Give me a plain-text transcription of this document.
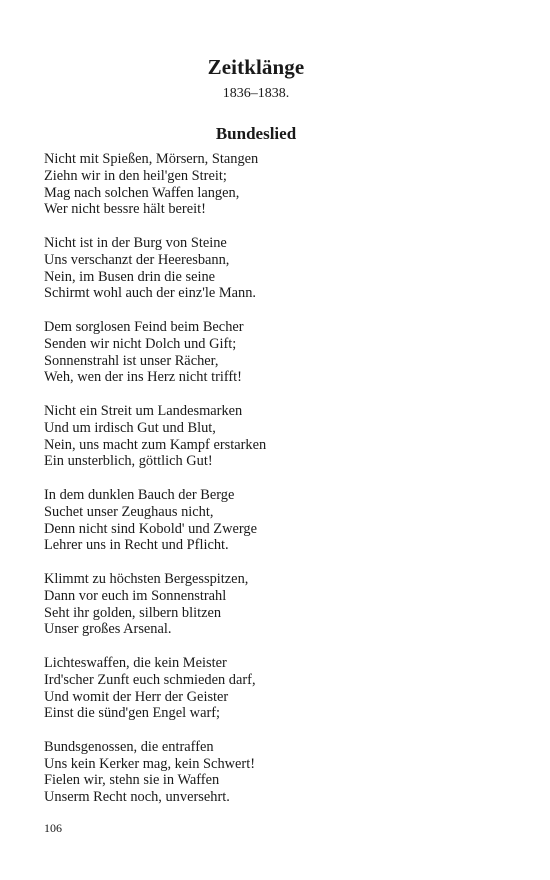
Zeitklänge
1836–1838.
Bundeslied

Nicht mit Spießen, Mörsern, Stangen
Ziehn wir in den heil'gen Streit;
Mag nach solchen Waffen langen,
Wer nicht bessre hält bereit!

Nicht ist in der Burg von Steine
Uns verschanzt der Heeresbann,
Nein, im Busen drin die seine
Schirmt wohl auch der einz'le Mann.

Dem sorglosen Feind beim Becher
Senden wir nicht Dolch und Gift;
Sonnenstrahl ist unser Rächer,
Weh, wen der ins Herz nicht trifft!

Nicht ein Streit um Landesmarken
Und um irdisch Gut und Blut,
Nein, uns macht zum Kampf erstarken
Ein unsterblich, göttlich Gut!

In dem dunklen Bauch der Berge
Suchet unser Zeughaus nicht,
Denn nicht sind Kobold' und Zwerge
Lehrer uns in Recht und Pflicht.

Klimmt zu höchsten Bergesspitzen,
Dann vor euch im Sonnenstrahl
Seht ihr golden, silbern blitzen
Unser großes Arsenal.

Lichteswaffen, die kein Meister
Ird'scher Zunft euch schmieden darf,
Und womit der Herr der Geister
Einst die sünd'gen Engel warf;

Bundsgenossen, die entraffen
Uns kein Kerker mag, kein Schwert!
Fielen wir, stehn sie in Waffen
Unserm Recht noch, unversehrt.

106
